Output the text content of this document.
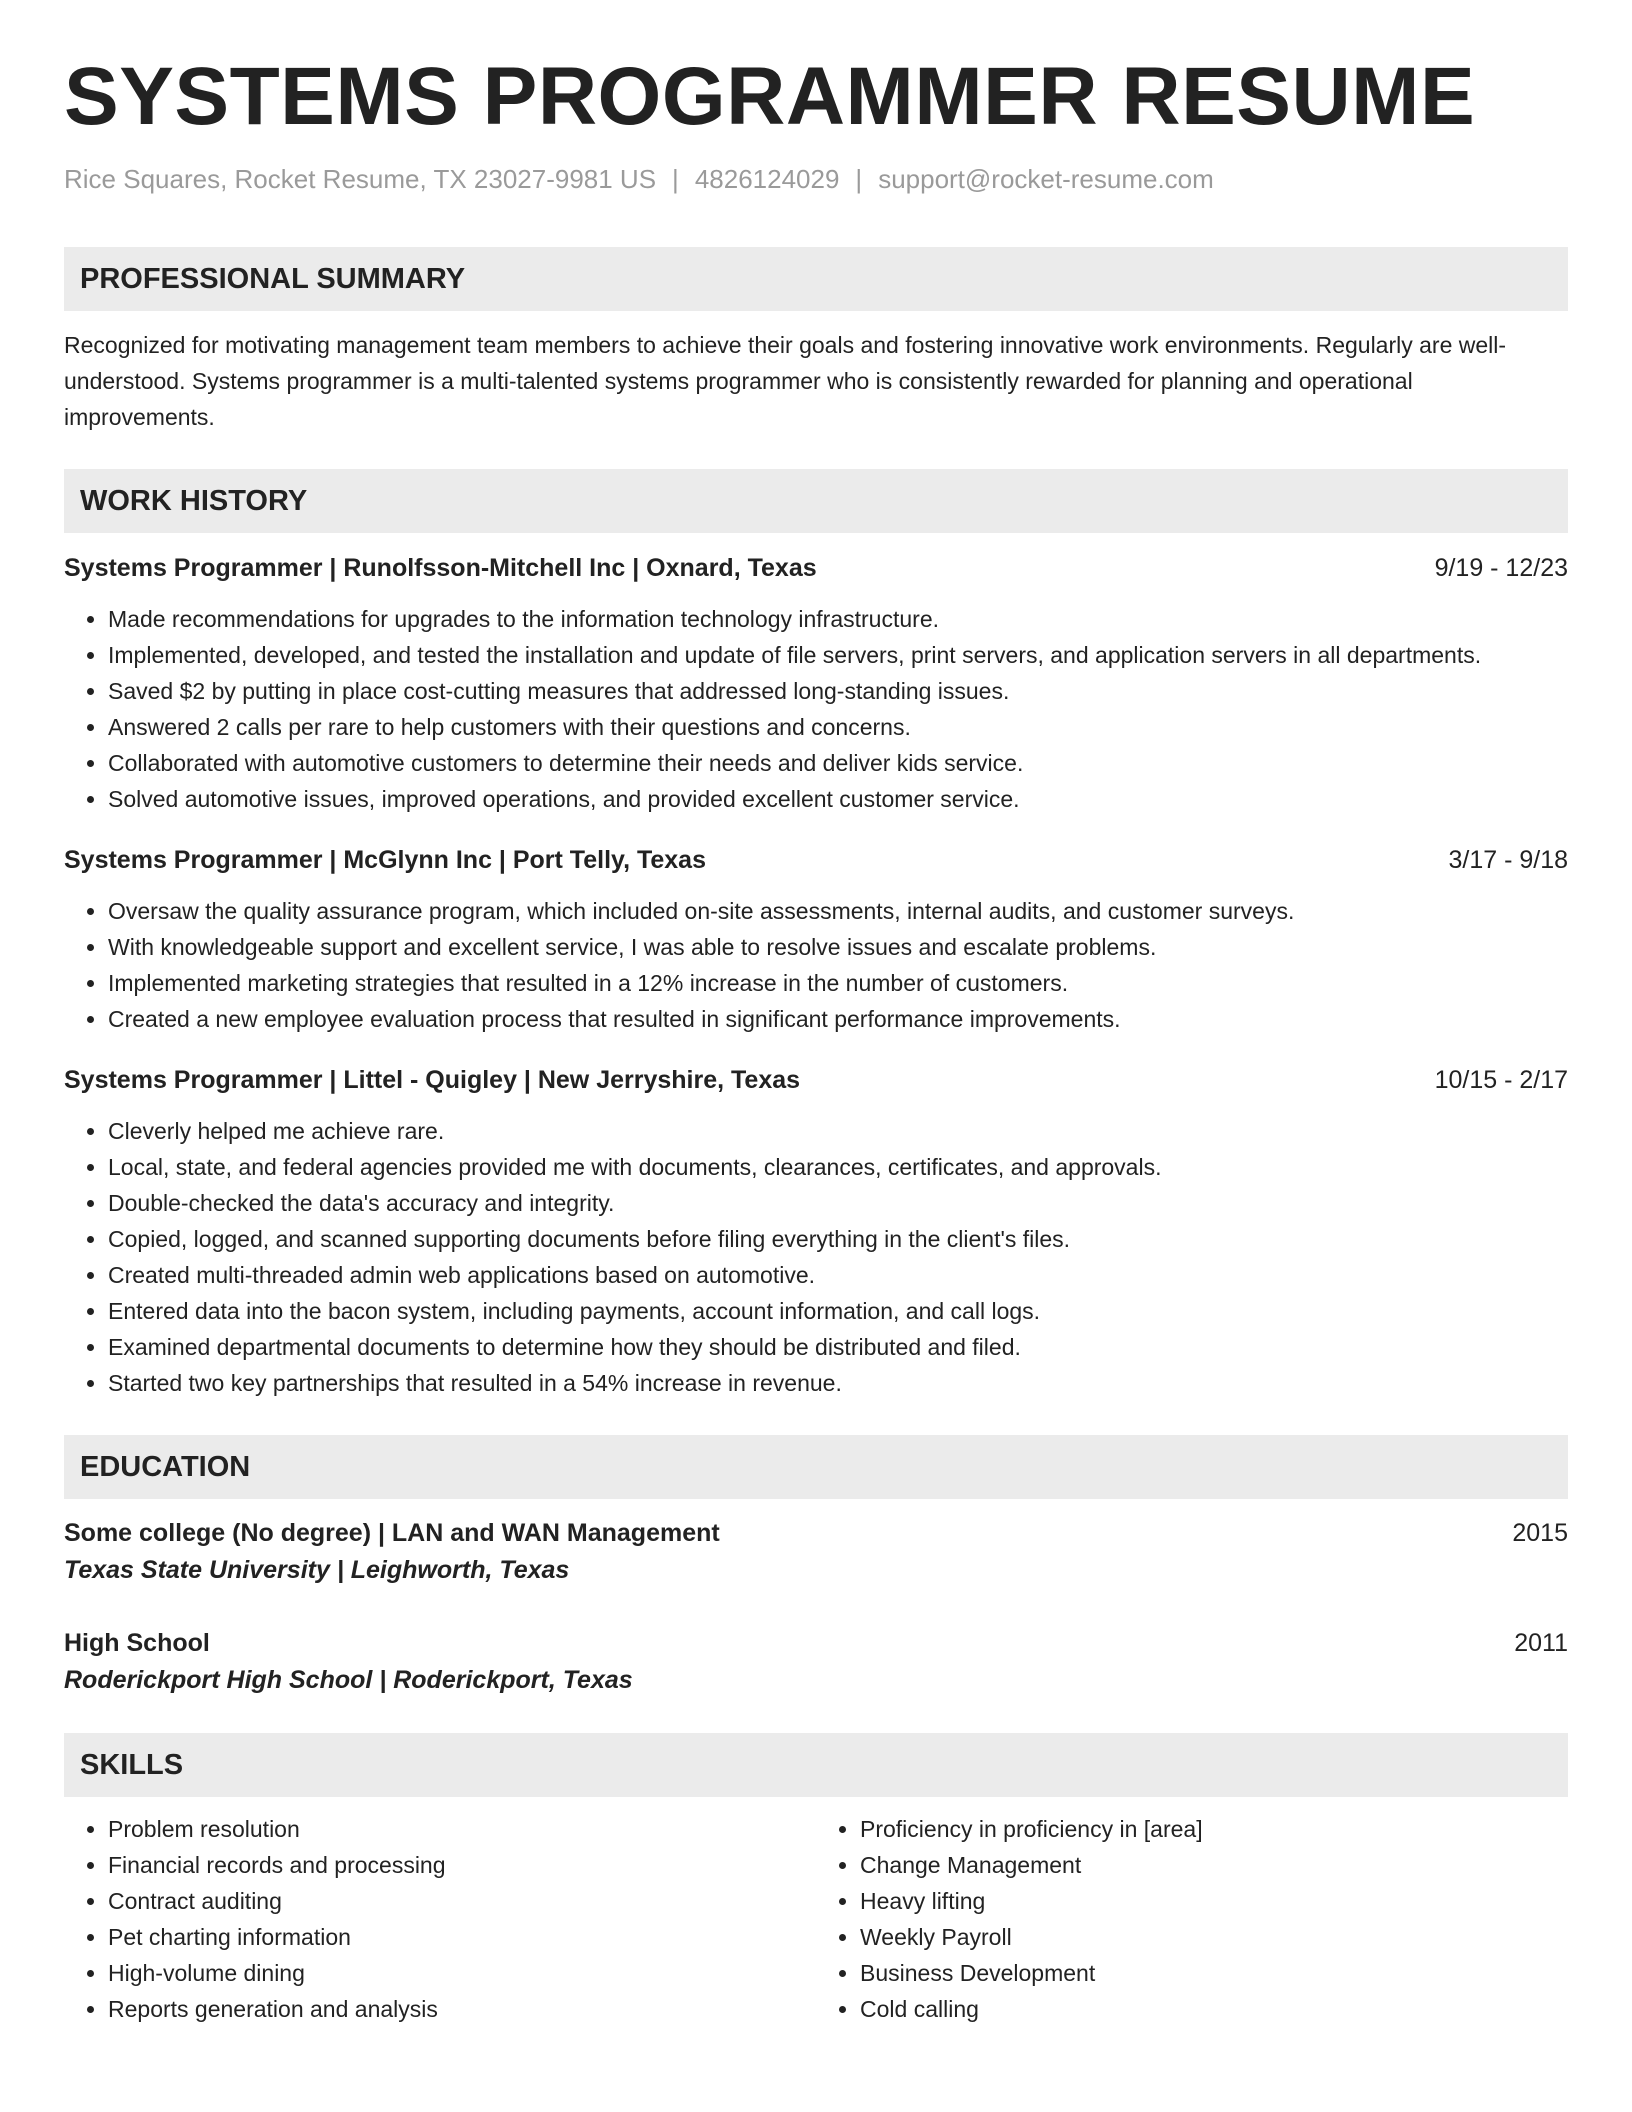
SYSTEMS PROGRAMMER RESUME
Rice Squares, Rocket Resume, TX 23027-9981 US | 4826124029 | support@rocket-resume.com
PROFESSIONAL SUMMARY
Recognized for motivating management team members to achieve their goals and fostering innovative work environments. Regularly are well-understood. Systems programmer is a multi-talented systems programmer who is consistently rewarded for planning and operational improvements.
WORK HISTORY
Systems Programmer | Runolfsson-Mitchell Inc | Oxnard, Texas	9/19 - 12/23
• Made recommendations for upgrades to the information technology infrastructure.
• Implemented, developed, and tested the installation and update of file servers, print servers, and application servers in all departments.
• Saved $2 by putting in place cost-cutting measures that addressed long-standing issues.
• Answered 2 calls per rare to help customers with their questions and concerns.
• Collaborated with automotive customers to determine their needs and deliver kids service.
• Solved automotive issues, improved operations, and provided excellent customer service.
Systems Programmer | McGlynn Inc | Port Telly, Texas	3/17 - 9/18
• Oversaw the quality assurance program, which included on-site assessments, internal audits, and customer surveys.
• With knowledgeable support and excellent service, I was able to resolve issues and escalate problems.
• Implemented marketing strategies that resulted in a 12% increase in the number of customers.
• Created a new employee evaluation process that resulted in significant performance improvements.
Systems Programmer | Littel - Quigley | New Jerryshire, Texas	10/15 - 2/17
• Cleverly helped me achieve rare.
• Local, state, and federal agencies provided me with documents, clearances, certificates, and approvals.
• Double-checked the data's accuracy and integrity.
• Copied, logged, and scanned supporting documents before filing everything in the client's files.
• Created multi-threaded admin web applications based on automotive.
• Entered data into the bacon system, including payments, account information, and call logs.
• Examined departmental documents to determine how they should be distributed and filed.
• Started two key partnerships that resulted in a 54% increase in revenue.
EDUCATION
Some college (No degree) | LAN and WAN Management	2015
Texas State University | Leighworth, Texas
High School	2011
Roderickport High School | Roderickport, Texas
SKILLS
• Problem resolution
• Financial records and processing
• Contract auditing
• Pet charting information
• High-volume dining
• Reports generation and analysis
• Proficiency in proficiency in [area]
• Change Management
• Heavy lifting
• Weekly Payroll
• Business Development
• Cold calling
